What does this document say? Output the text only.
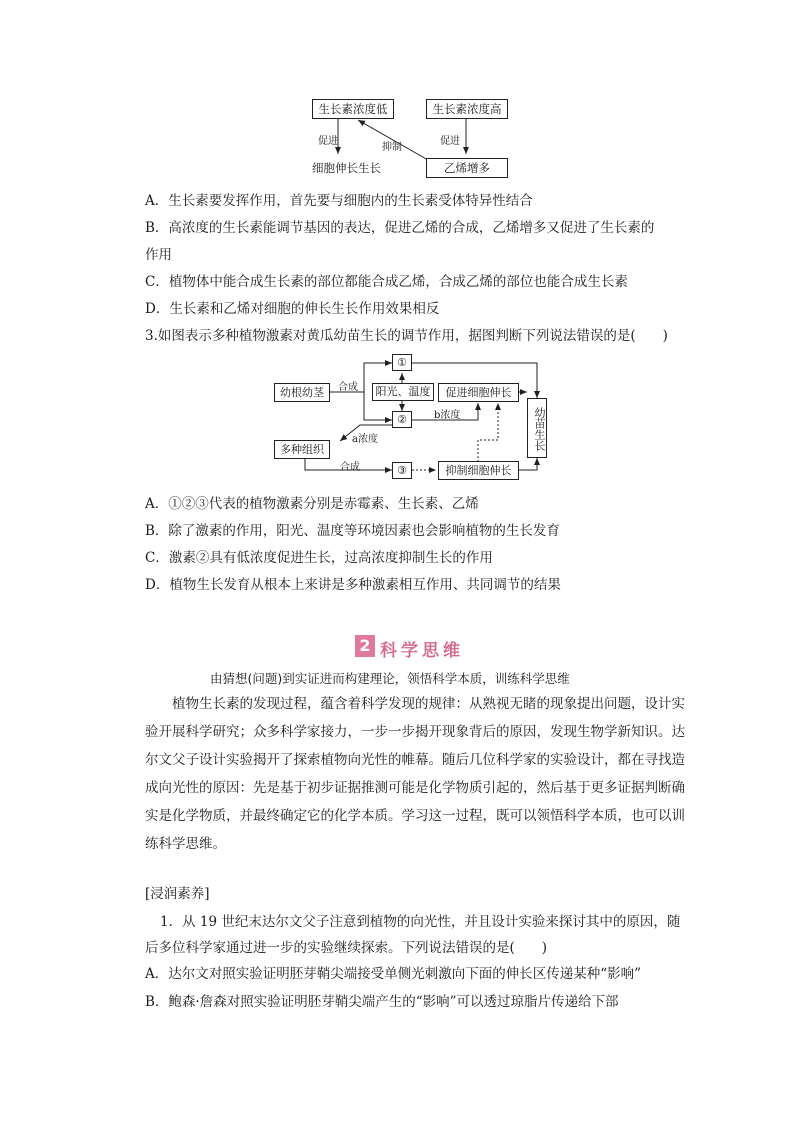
生长素浓度低	生长素浓度高
促进
抑制
促进
细胞伸长生长	乙烯增多
A．生长素要发挥作用，首先要与细胞内的生长素受体特异性结合
B．高浓度的生长素能调节基因的表达，促进乙烯的合成，乙烯增多又促进了生长素的
作用
C．植物体中能合成生长素的部位都能合成乙烯，合成乙烯的部位也能合成生长素
D．生长素和乙烯对细胞的伸长生长作用效果相反
3.如图表示多种植物激素对黄瓜幼苗生长的调节作用，据图判断下列说法错误的是(　　)
幼根幼茎	合成
①
阳光、温度
②
促进细胞伸长
b浓度
a浓度
多种组织
合成	③	抑制细胞伸长
幼苗生长
A．①②③代表的植物激素分别是赤霉素、生长素、乙烯
B．除了激素的作用，阳光、温度等环境因素也会影响植物的生长发育
C．激素②具有低浓度促进生长，过高浓度抑制生长的作用
D．植物生长发育从根本上来讲是多种激素相互作用、共同调节的结果
2 科学思维
由猜想(问题)到实证进而构建理论，领悟科学本质，训练科学思维
植物生长素的发现过程，蕴含着科学发现的规律：从熟视无睹的现象提出问题，设计实验开展科学研究；众多科学家接力，一步一步揭开现象背后的原因，发现生物学新知识。达尔文父子设计实验揭开了探索植物向光性的帷幕。随后几位科学家的实验设计，都在寻找造成向光性的原因：先是基于初步证据推测可能是化学物质引起的，然后基于更多证据判断确实是化学物质，并最终确定它的化学本质。学习这一过程，既可以领悟科学本质，也可以训练科学思维。
[浸润素养]
1．从 19 世纪末达尔文父子注意到植物的向光性，并且设计实验来探讨其中的原因，随
后多位科学家通过进一步的实验继续探索。下列说法错误的是(　　)
A．达尔文对照实验证明胚芽鞘尖端接受单侧光刺激向下面的伸长区传递某种“影响”
B．鲍森·詹森对照实验证明胚芽鞘尖端产生的“影响”可以透过琼脂片传递给下部
